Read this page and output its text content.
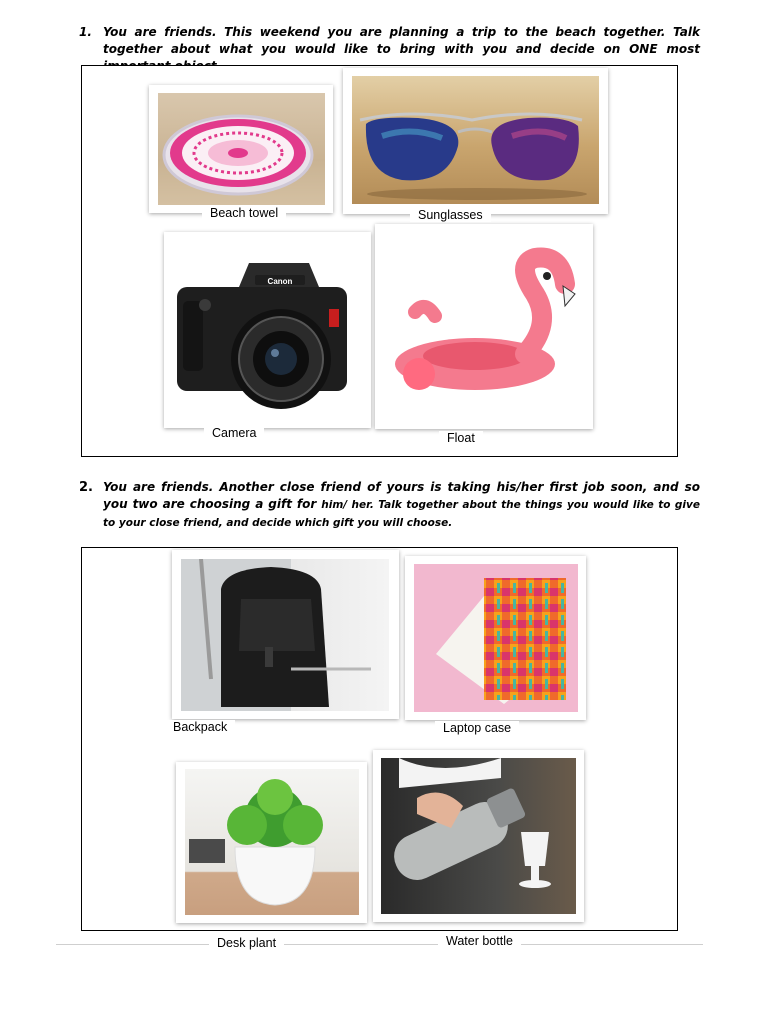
1. You are friends. This weekend you are planning a trip to the beach together. Talk together about what you would like to bring with you and decide on ONE most
Beach towel	Sunglasses
Canon
Camera	Float
2. You are friends. Another close friend of yours is taking his/her first job soon, and so you two are choosing a gift for him/ her. Talk together about the things you would like to give to your close friend, and decide which gift you will choose.
Backpack	Laptop case
Desk plant	Water bottle
